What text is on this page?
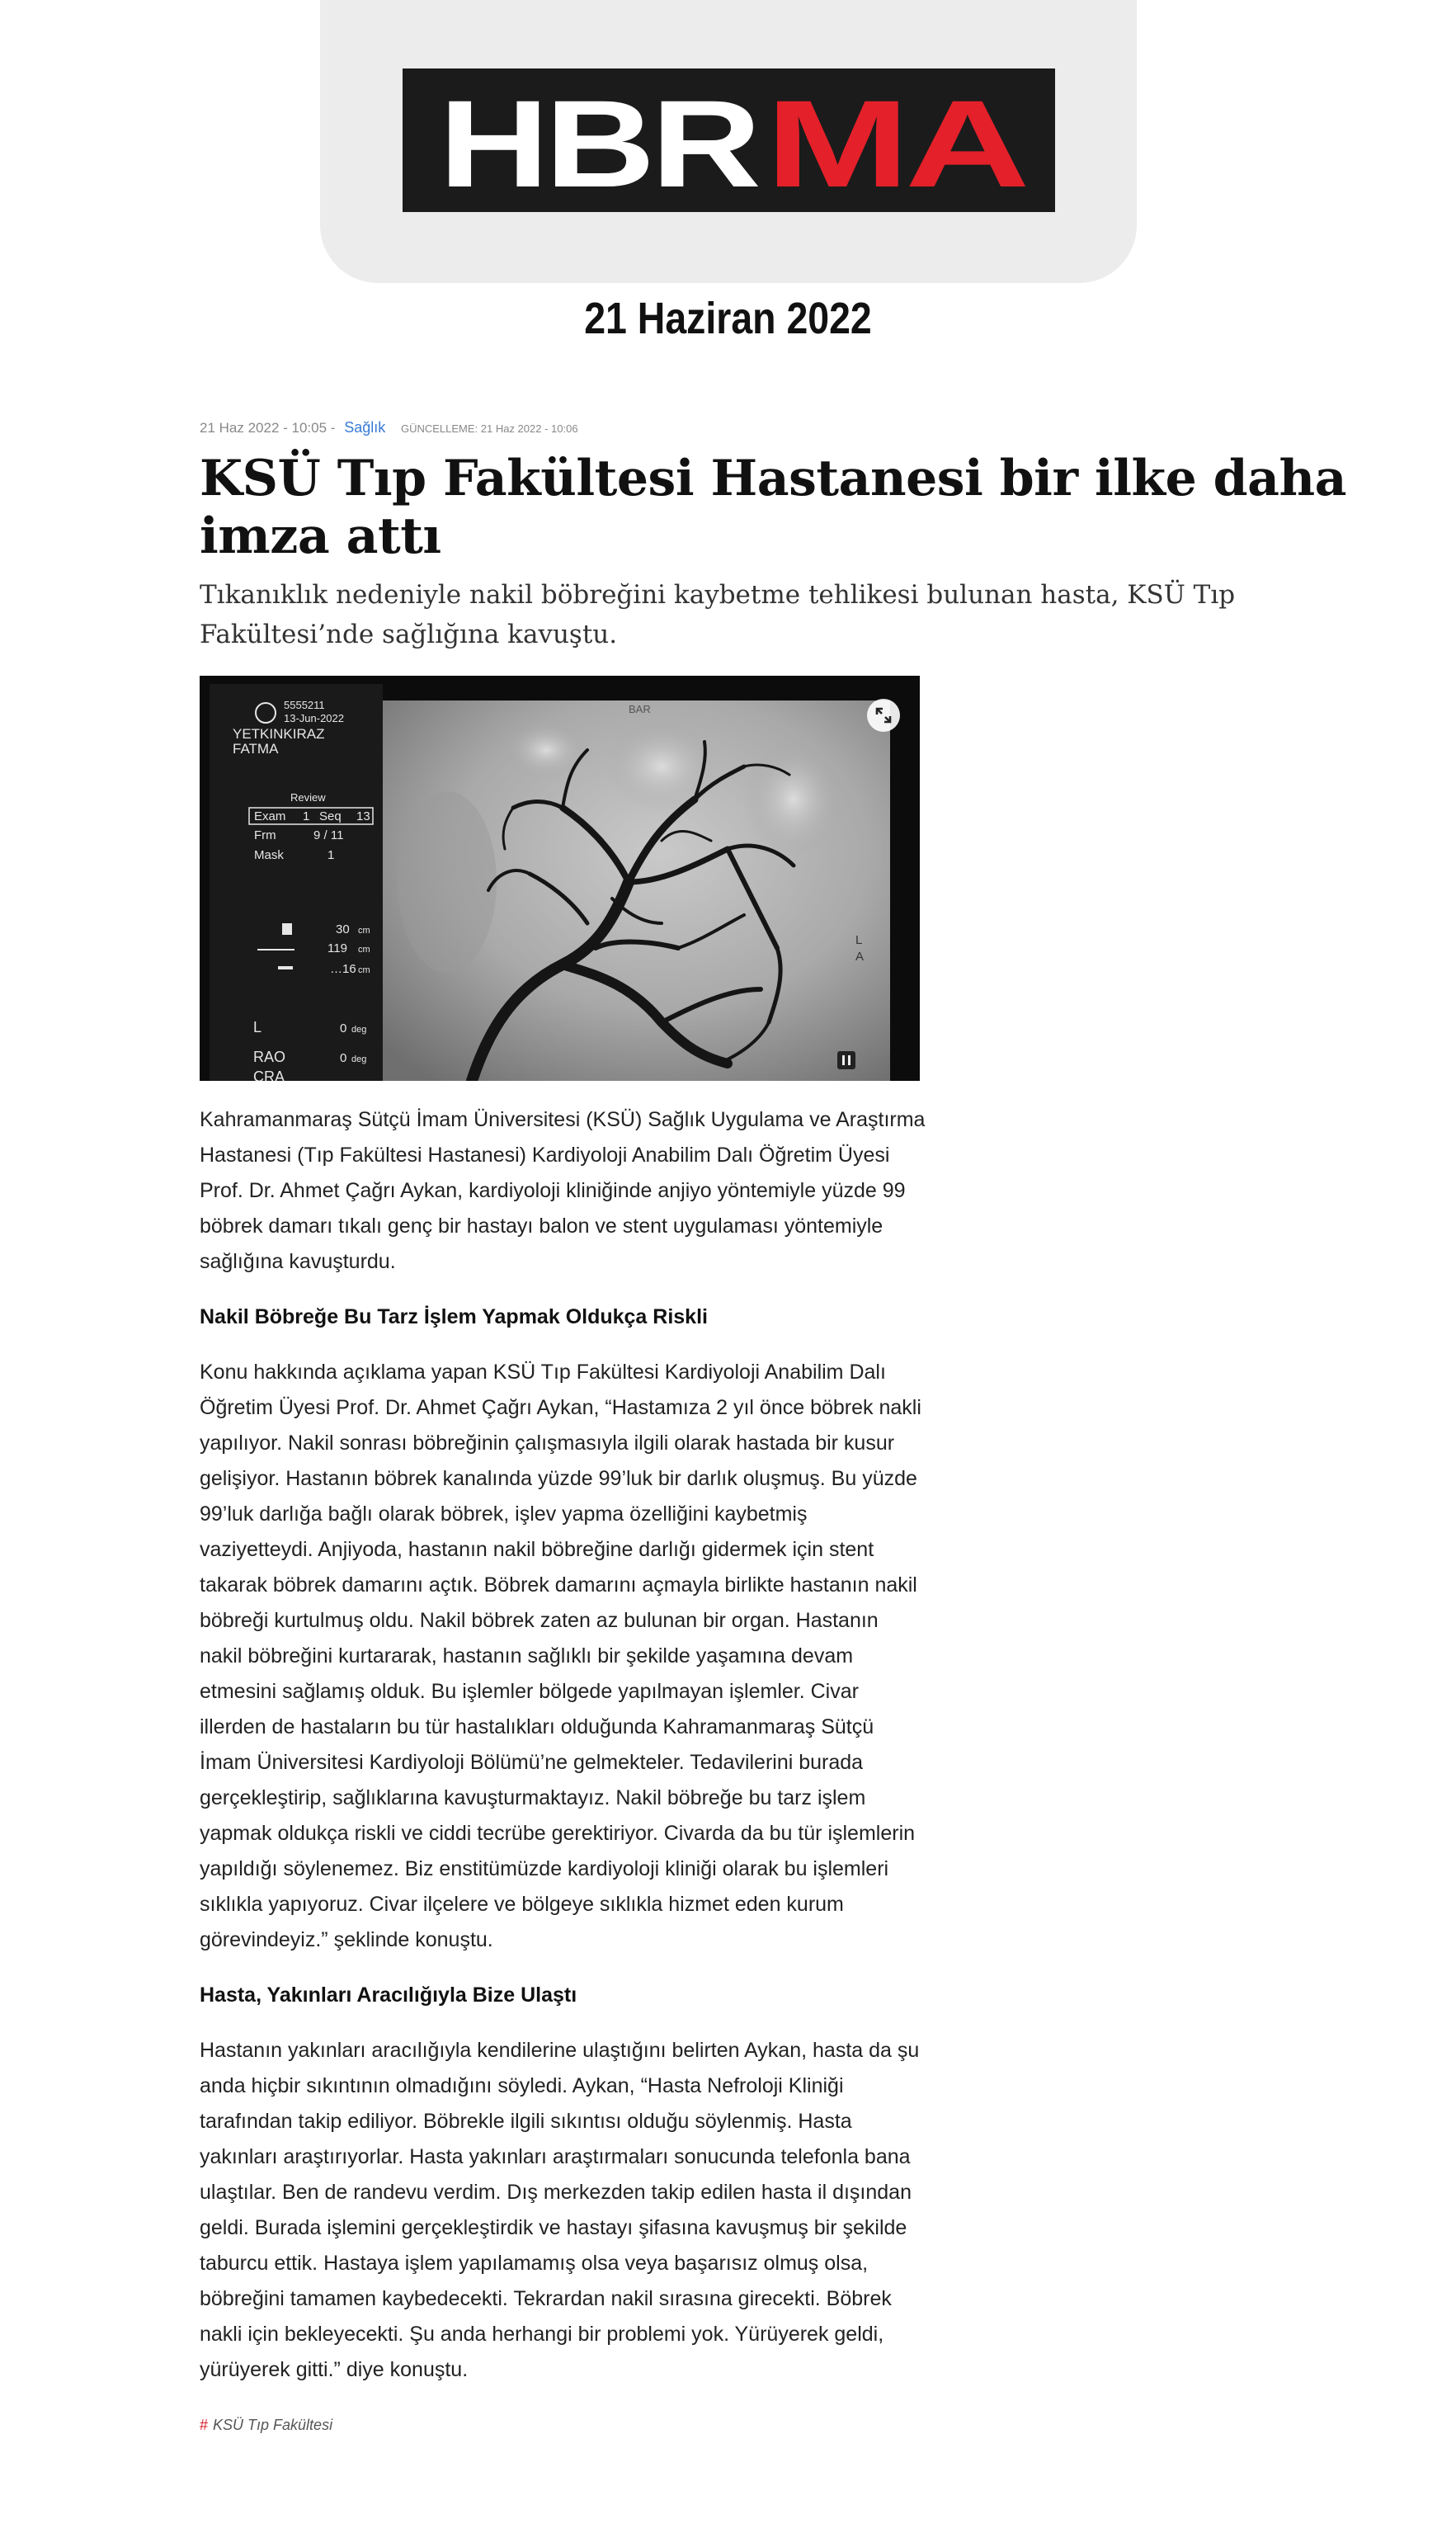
HBR MA
21 Haziran 2022
21 Haz 2022 - 10:05 - Sağlık GÜNCELLEME: 21 Haz 2022 - 10:06
KSÜ Tıp Fakültesi Hastanesi bir ilke daha imza attı
Tıkanıklık nedeniyle nakil böbreğini kaybetme tehlikesi bulunan hasta, KSÜ Tıp Fakültesi’nde sağlığına kavuştu.
5555211
13-Jun-2022
YETKINKIRAZ
FATMA
Review
Exam 1 Seq 13
Frm	9 / 11
Mask	1
30 cm
119 cm
…16 cm
L	0 deg
RAO	0 deg
CRA
L
A
BAR

Kahramanmaraş Sütçü İmam Üniversitesi (KSÜ) Sağlık Uygulama ve Araştırma Hastanesi (Tıp Fakültesi Hastanesi) Kardiyoloji Anabilim Dalı Öğretim Üyesi Prof. Dr. Ahmet Çağrı Aykan, kardiyoloji kliniğinde anjiyo yöntemiyle yüzde 99 böbrek damarı tıkalı genç bir hastayı balon ve stent uygulaması yöntemiyle sağlığına kavuşturdu.

Nakil Böbreğe Bu Tarz İşlem Yapmak Oldukça Riskli

Konu hakkında açıklama yapan KSÜ Tıp Fakültesi Kardiyoloji Anabilim Dalı Öğretim Üyesi Prof. Dr. Ahmet Çağrı Aykan, “Hastamıza 2 yıl önce böbrek nakli yapılıyor. Nakil sonrası böbreğinin çalışmasıyla ilgili olarak hastada bir kusur gelişiyor. Hastanın böbrek kanalında yüzde 99’luk bir darlık oluşmuş. Bu yüzde 99’luk darlığa bağlı olarak böbrek, işlev yapma özelliğini kaybetmiş vaziyetteydi. Anjiyoda, hastanın nakil böbreğine darlığı gidermek için stent takarak böbrek damarını açtık. Böbrek damarını açmayla birlikte hastanın nakil böbreği kurtulmuş oldu. Nakil böbrek zaten az bulunan bir organ. Hastanın nakil böbreğini kurtararak, hastanın sağlıklı bir şekilde yaşamına devam etmesini sağlamış olduk. Bu işlemler bölgede yapılmayan işlemler. Civar illerden de hastaların bu tür hastalıkları olduğunda Kahramanmaraş Sütçü İmam Üniversitesi Kardiyoloji Bölümü’ne gelmekteler. Tedavilerini burada gerçekleştirip, sağlıklarına kavuşturmaktayız. Nakil böbreğe bu tarz işlem yapmak oldukça riskli ve ciddi tecrübe gerektiriyor. Civarda da bu tür işlemlerin yapıldığı söylenemez. Biz enstitümüzde kardiyoloji kliniği olarak bu işlemleri sıklıkla yapıyoruz. Civar ilçelere ve bölgeye sıklıkla hizmet eden kurum görevindeyiz.” şeklinde konuştu.

Hasta, Yakınları Aracılığıyla Bize Ulaştı

Hastanın yakınları aracılığıyla kendilerine ulaştığını belirten Aykan, hasta da şu anda hiçbir sıkıntının olmadığını söyledi. Aykan, “Hasta Nefroloji Kliniği tarafından takip ediliyor. Böbrekle ilgili sıkıntısı olduğu söylenmiş. Hasta yakınları araştırıyorlar. Hasta yakınları araştırmaları sonucunda telefonla bana ulaştılar. Ben de randevu verdim. Dış merkezden takip edilen hasta il dışından geldi. Burada işlemini gerçekleştirdik ve hastayı şifasına kavuşmuş bir şekilde taburcu ettik. Hastaya işlem yapılamamış olsa veya başarısız olmuş olsa, böbreğini tamamen kaybedecekti. Tekrardan nakil sırasına girecekti. Böbrek nakli için bekleyecekti. Şu anda herhangi bir problemi yok. Yürüyerek geldi, yürüyerek gitti.” diye konuştu.

# KSÜ Tıp Fakültesi
